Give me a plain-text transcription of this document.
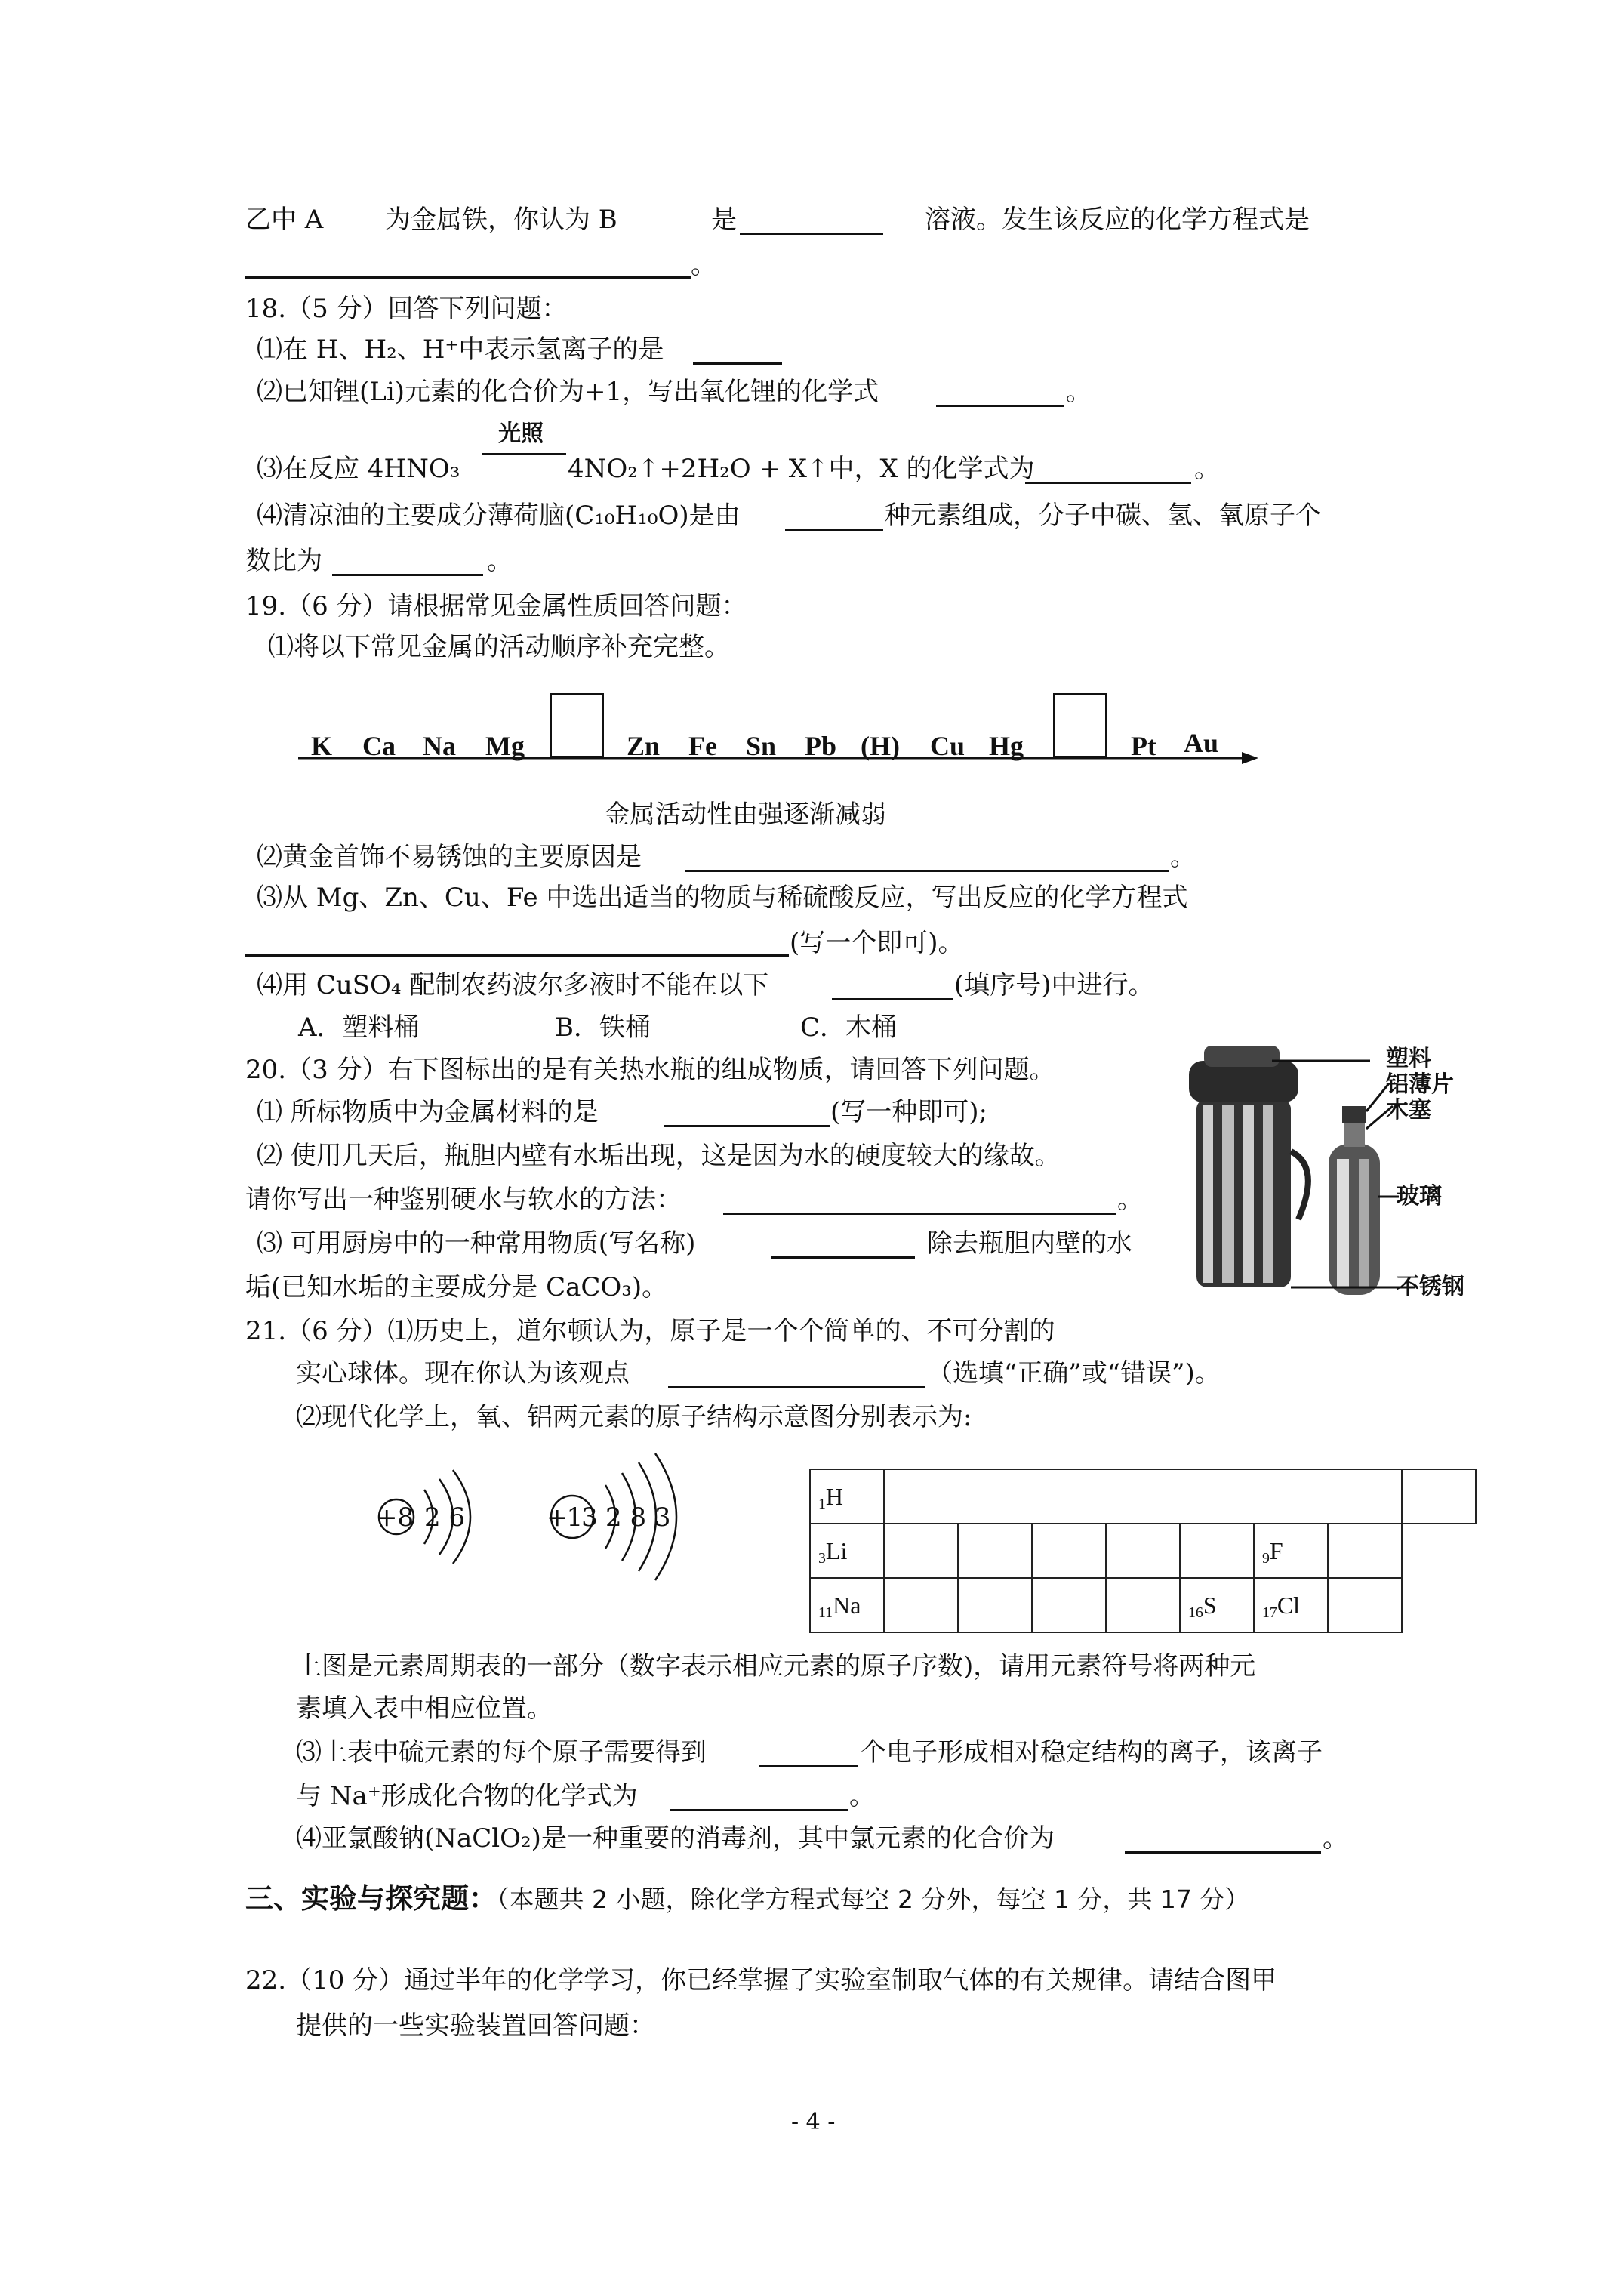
乙中 A 为金属铁，你认为 B	是	溶液。发生该反应的化学方程式是
。
18.（5 分）回答下列问题：
⑴在 H、H₂、H⁺中表示氢离子的是
⑵已知锂(Li)元素的化合价为+1，写出氧化锂的化学式	。
⑶在反应 4HNO₃
光照
4NO₂↑+2H₂O + X↑中，X 的化学式为	。
⑷清凉油的主要成分薄荷脑(C₁₀H₁₀O)是由	种元素组成，分子中碳、氢、氧原子个
数比为	。
19.（6 分）请根据常见金属性质回答问题：
⑴将以下常见金属的活动顺序补充完整。
K Ca Na Mg	Zn Fe Sn Pb (H) Cu Hg	Pt Au
金属活动性由强逐渐减弱
⑵黄金首饰不易锈蚀的主要原因是	。
⑶从 Mg、Zn、Cu、Fe 中选出适当的物质与稀硫酸反应，写出反应的化学方程式
(写一个即可)。
⑷用 CuSO₄ 配制农药波尔多液时不能在以下	(填序号)中进行。
A．塑料桶	B．铁桶	C．木桶
20.（3 分）右下图标出的是有关热水瓶的组成物质，请回答下列问题。
⑴ 所标物质中为金属材料的是	(写一种即可);
⑵ 使用几天后，瓶胆内壁有水垢出现，这是因为水的硬度较大的缘故。
请你写出一种鉴别硬水与软水的方法：	。
⑶ 可用厨房中的一种常用物质(写名称)	除去瓶胆内壁的水
垢(已知水垢的主要成分是 CaCO₃)。
塑料
铝薄片
木塞
玻璃
不锈钢
21.（6 分）⑴历史上，道尔顿认为，原子是一个个简单的、不可分割的
实心球体。现在你认为该观点	（选填“正确”或“错误”)。
⑵现代化学上，氧、铝两元素的原子结构示意图分别表示为:
+8 2 6	+13 2 8 3	$_1$H								
$_3$Li						$_9$F		
$_{11}$Na					$_{16}$S	$_{17}$Cl		
上图是元素周期表的一部分（数字表示相应元素的原子序数)，请用元素符号将两种元
素填入表中相应位置。
⑶上表中硫元素的每个原子需要得到	个电子形成相对稳定结构的离子，该离子
与 Na⁺形成化合物的化学式为	。
⑷亚氯酸钠(NaClO₂)是一种重要的消毒剂，其中氯元素的化合价为	。
三、实验与探究题：（本题共 2 小题，除化学方程式每空 2 分外，每空 1 分，共 17 分）
22.（10 分）通过半年的化学学习，你已经掌握了实验室制取气体的有关规律。请结合图甲
提供的一些实验装置回答问题：
- 4 -
